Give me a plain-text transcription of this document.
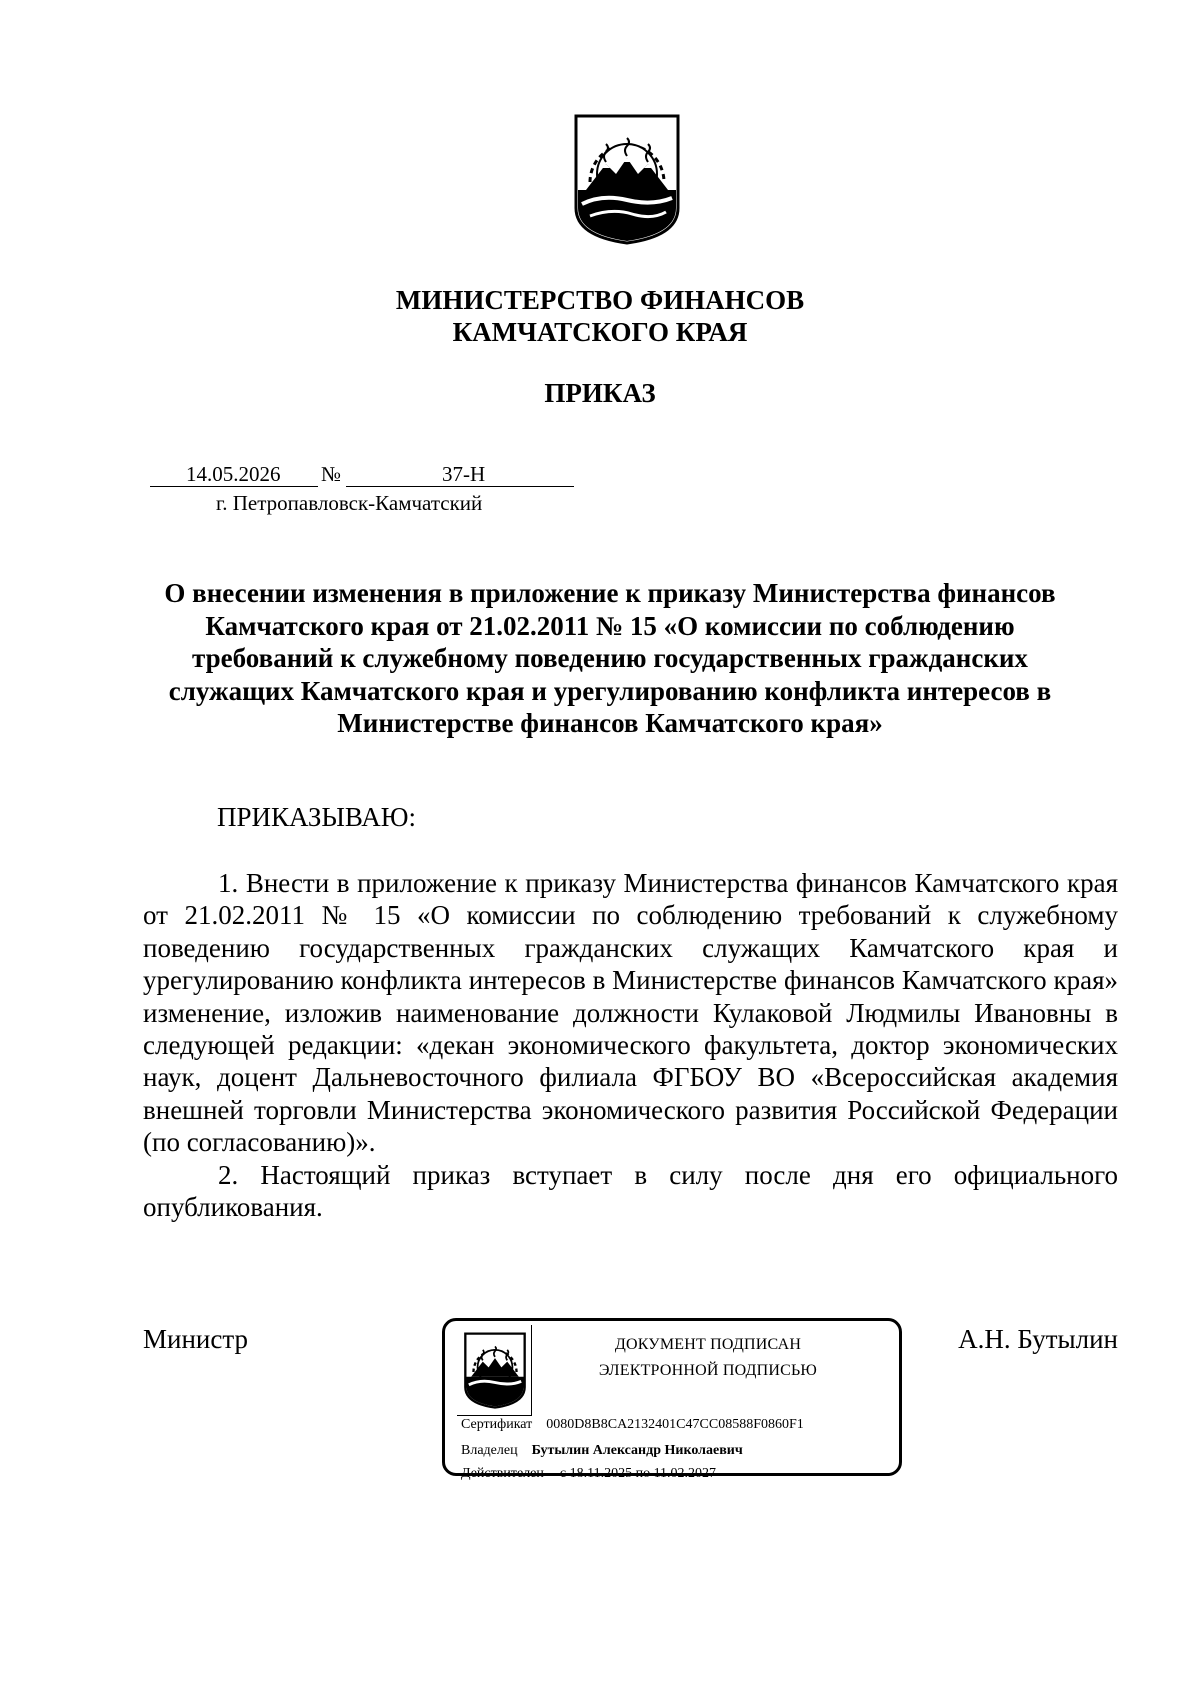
МИНИСТЕРСТВО ФИНАНСОВ
КАМЧАТСКОГО КРАЯ
ПРИКАЗ
14.05.2026	№	37-Н
г. Петропавловск-Камчатский
О внесении изменения в приложение к приказу Министерства финансов Камчатского края от 21.02.2011 № 15 «О комиссии по соблюдению требований к служебному поведению государственных гражданских служащих Камчатского края и урегулированию конфликта интересов в Министерстве финансов Камчатского края»
ПРИКАЗЫВАЮ:

1. Внести в приложение к приказу Министерства финансов Камчатского края от 21.02.2011 № 15 «О комиссии по соблюдению требований к служебному поведению государственных гражданских служащих Камчатского края и урегулированию конфликта интересов в Министерстве финансов Камчатского края» изменение, изложив наименование должности Кулаковой Людмилы Ивановны в следующей редакции: «декан экономического факультета, доктор экономических наук, доцент Дальневосточного филиала ФГБОУ ВО «Всероссийская академия внешней торговли Министерства экономического развития Российской Федерации (по согласованию)».

2. Настоящий приказ вступает в силу после дня его официального опубликования.

Министр	А.Н. Бутылин
ДОКУМЕНТ ПОДПИСАН
ЭЛЕКТРОННОЙ ПОДПИСЬЮ
Сертификат 0080D8B8CA2132401C47CC08588F0860F1
Владелец Бутылин Александр Николаевич
Действителен с 18.11.2025 по 11.02.2027
